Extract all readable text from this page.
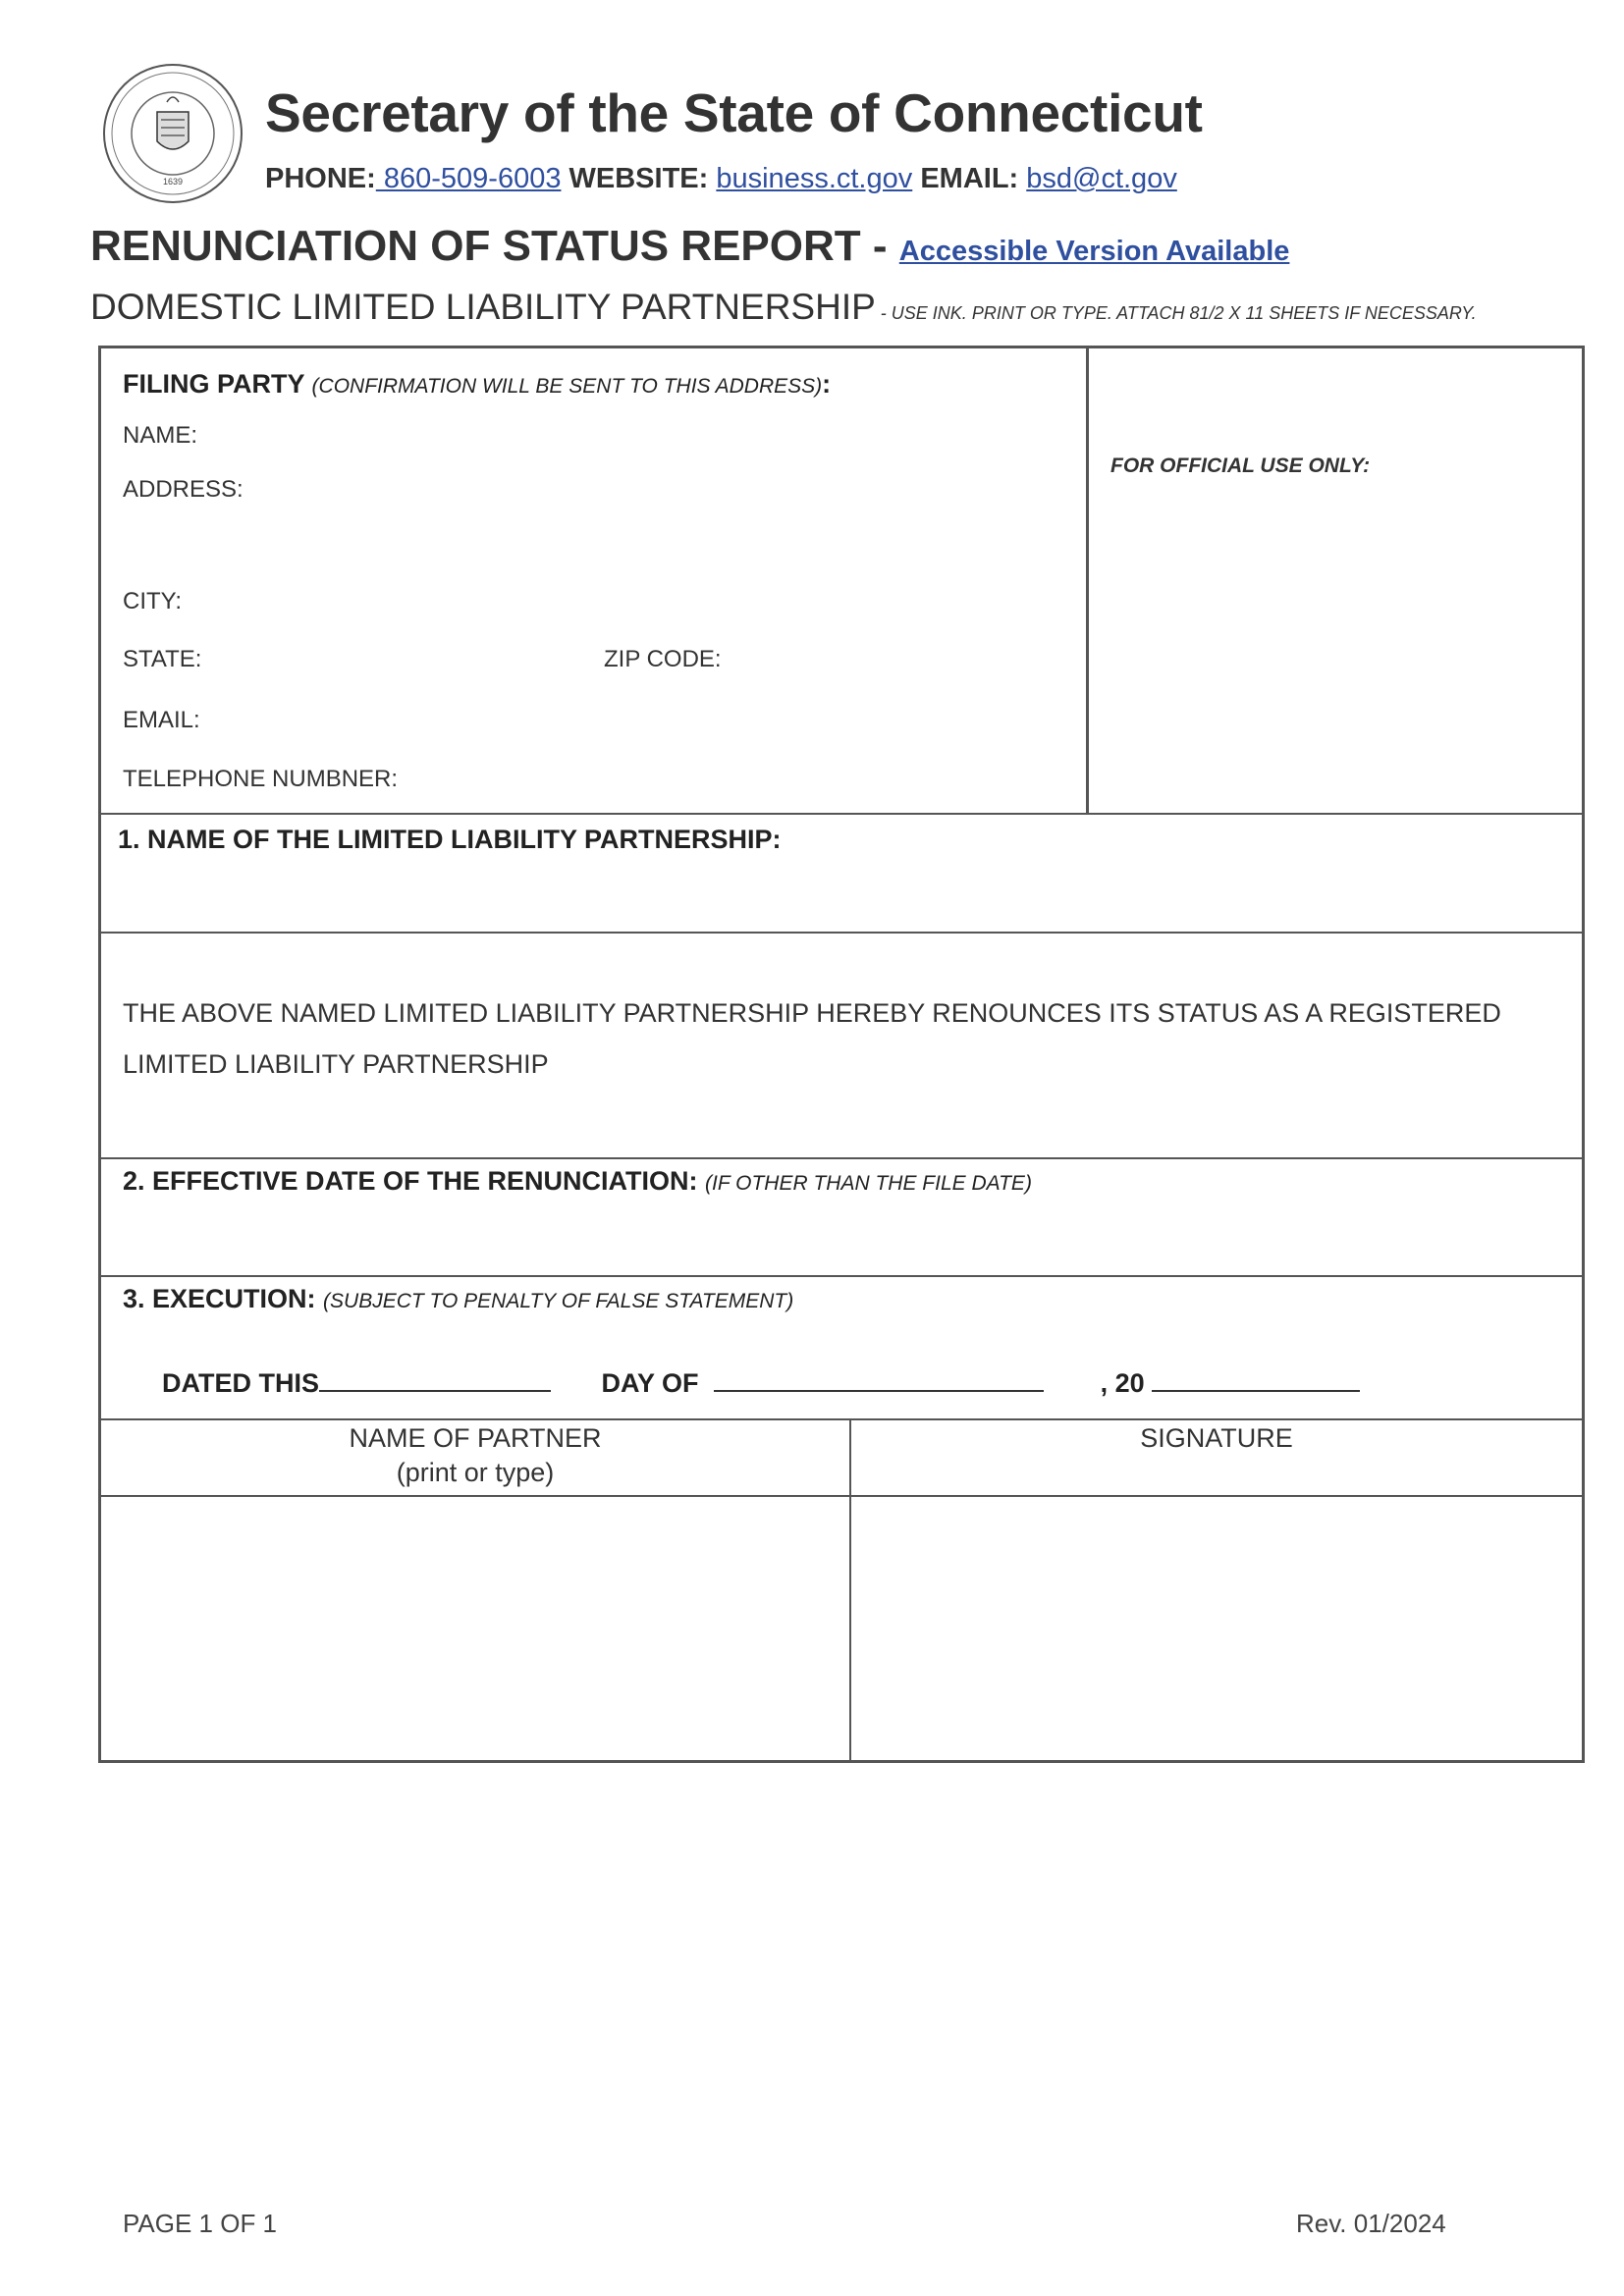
1639
Secretary of the State of Connecticut
PHONE: 860-509-6003 WEBSITE: business.ct.gov EMAIL: bsd@ct.gov
RENUNCIATION OF STATUS REPORT - Accessible Version Available
DOMESTIC LIMITED LIABILITY PARTNERSHIP - USE INK. PRINT OR TYPE. ATTACH 81/2 X 11 SHEETS IF NECESSARY.
FILING PARTY (CONFIRMATION WILL BE SENT TO THIS ADDRESS):
NAME:
ADDRESS:
CITY:
STATE:	ZIP CODE:
EMAIL:
TELEPHONE NUMBNER:
FOR OFFICIAL USE ONLY:
1. NAME OF THE LIMITED LIABILITY PARTNERSHIP:
THE ABOVE NAMED LIMITED LIABILITY PARTNERSHIP HEREBY RENOUNCES ITS STATUS AS A REGISTERED LIMITED LIABILITY PARTNERSHIP
2. EFFECTIVE DATE OF THE RENUNCIATION: (IF OTHER THAN THE FILE DATE)
3. EXECUTION: (SUBJECT TO PENALTY OF FALSE STATEMENT)
DATED THIS	DAY OF	, 20
NAME OF PARTNER
(print or type)
SIGNATURE
PAGE 1 OF 1	Rev. 01/2024
